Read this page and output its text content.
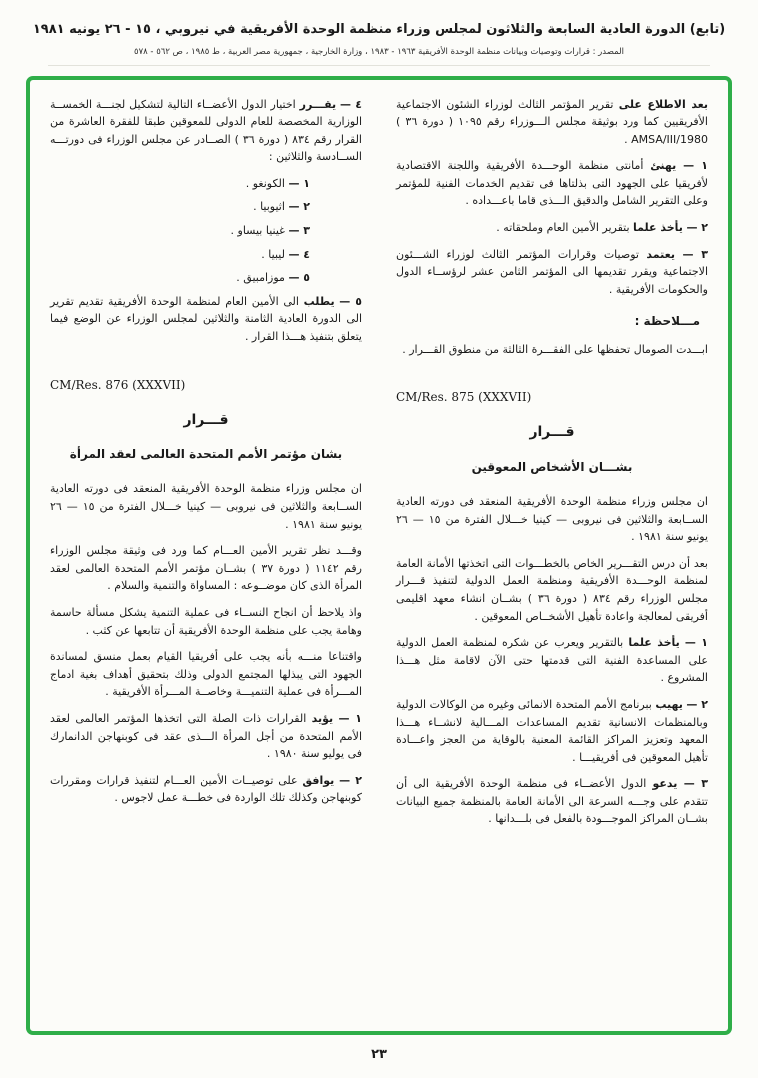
(تابع) الدورة العادية السابعة والثلاثون لمجلس وزراء منظمة الوحدة الأفريقية في نيروبي ، ١٥ - ٢٦ يونيه ١٩٨١
المصدر : قرارات وتوصيات وبيانات منظمة الوحدة الأفريقية ١٩٦٣ - ١٩٨٣ ، وزارة الخارجية ، جمهورية مصر العربية ، ط ١٩٨٥ ، ص ٥٦٢ - ٥٧٨

بعد الاطلاع على تقرير المؤتمر الثالث لوزراء الشئون الاجتماعية الأفريقيين كما ورد بوثيقة مجلس الـــوزراء رقم ١٠٩٥ ( دورة ٣٦ ) AMSA/III/1980 .

١ — يهنئ أمانتى منظمة الوحـــدة الأفريقية واللجنة الاقتصادية لأفريقيا على الجهود التى بذلتاها فى تقديم الخدمات الفنية للمؤتمر وعلى التقرير الشامل والدقيق الـــذى قاما باعـــداده .

٢ — يأخذ علما بتقرير الأمين العام وملحقاته .

٣ — يعتمد توصيات وقرارات المؤتمر الثالث لوزراء الشـــئون الاجتماعية ويقرر تقديمها الى المؤتمر الثامن عشر لرؤســاء الدول والحكومات الأفريقية .

مـــلاحظة :

ابـــدت الصومال تحفظها على الفقـــرة الثالثة من منطوق القـــرار .

CM/Res. 875 (XXXVII)

قـــرار

بشـــان الأشخاص المعوقين

ان مجلس وزراء منظمة الوحدة الأفريقية المنعقد فى دورته العادية الســابعة والثلاثين فى نيروبى — كينيا خـــلال الفترة من ١٥ — ٢٦ يونيو سنة ١٩٨١ .

بعد أن درس التقـــرير الخاص بالخطـــوات التى اتخذتها الأمانة العامة لمنظمة الوحـــدة الأفريقية ومنظمة العمل الدولية لتنفيذ قـــرار مجلس الوزراء رقم ٨٣٤ ( دورة ٣٦ ) بشــان انشاء معهد اقليمى أفريقى لمعالجة واعادة تأهيل الأشخــاص المعوقين .

١ — يأخذ علما بالتقرير ويعرب عن شكره لمنظمة العمل الدولية على المساعدة الفنية التى قدمتها حتى الآن لاقامة مثل هـــذا المشروع .

٢ — يهيب ببرنامج الأمم المتحدة الانمائى وغيره من الوكالات الدولية وبالمنظمات الانسانية تقديم المساعدات المـــالية لانشــاء هـــذا المعهد وتعزيز المراكز القائمة المعنية بالوقاية من العجز واعـــادة تأهيل المعوقين فى أفريقيـــا .

٣ — يدعو الدول الأعضــاء فى منظمة الوحدة الأفريقية الى أن تتقدم على وجـــه السرعة الى الأمانة العامة بالمنظمة جميع البيانات بشــان المراكز الموجـــودة بالفعل فى بلـــدانها .

٤ — يقـــرر اختيار الدول الأعضــاء التالية لتشكيل لجنـــة الخمســة الوزارية المخصصة للعام الدولى للمعوقين طبقا للفقرة العاشرة من القرار رقم ٨٣٤ ( دورة ٣٦ ) الصــادر عن مجلس الوزراء فى دورتـــه الســادسة والثلاثين :

١ — الكونغو .

٢ — اثيوبيا .

٣ — غينيا بيساو .

٤ — ليبيا .

٥ — موزامبيق .

٥ — يطلب الى الأمين العام لمنظمة الوحدة الأفريقية تقديم تقرير الى الدورة العادية الثامنة والثلاثين لمجلس الوزراء عن الوضع فيما يتعلق بتنفيذ هـــذا القرار .

CM/Res. 876 (XXXVII)

قـــرار

بشان مؤتمر الأمم المتحدة العالمى لعقد المرأة

ان مجلس وزراء منظمة الوحدة الأفريقية المنعقد فى دورته العادية الســابعة والثلاثين فى نيروبى — كينيا خـــلال الفترة من ١٥ — ٢٦ يونيو سنة ١٩٨١ .

وقـــد نظر تقرير الأمين العـــام كما ورد فى وثيقة مجلس الوزراء رقم ١١٤٢ ( دورة ٣٧ ) بشــان مؤتمر الأمم المتحدة العالمى لعقد المرأة الذى كان موضــوعه : المساواة والتنمية والسلام .

واذ يلاحظ أن انجاح النســاء فى عملية التنمية يشكل مسألة حاسمة وهامة يجب على منظمة الوحدة الأفريقية أن تتابعها عن كثب .

واقتناعا منـــه بأنه يجب على أفريقيا القيام بعمل منسق لمساندة الجهود التى يبذلها المجتمع الدولى وذلك بتحقيق أهداف بغية ادماج المـــرأة فى عملية التنميـــة وخاصــة المـــرأة الأفريقية .

١ — يؤيد القرارات ذات الصلة التى اتخذها المؤتمر العالمى لعقد الأمم المتحدة من أجل المرأة الـــذى عقد فى كوبنهاجن الدانمارك فى يوليو سنة ١٩٨٠ .

٢ — يوافق على توصيــات الأمين العـــام لتنفيذ قرارات ومقررات كوبنهاجن وكذلك تلك الواردة فى خطـــة عمل لاجوس .

٢٣
